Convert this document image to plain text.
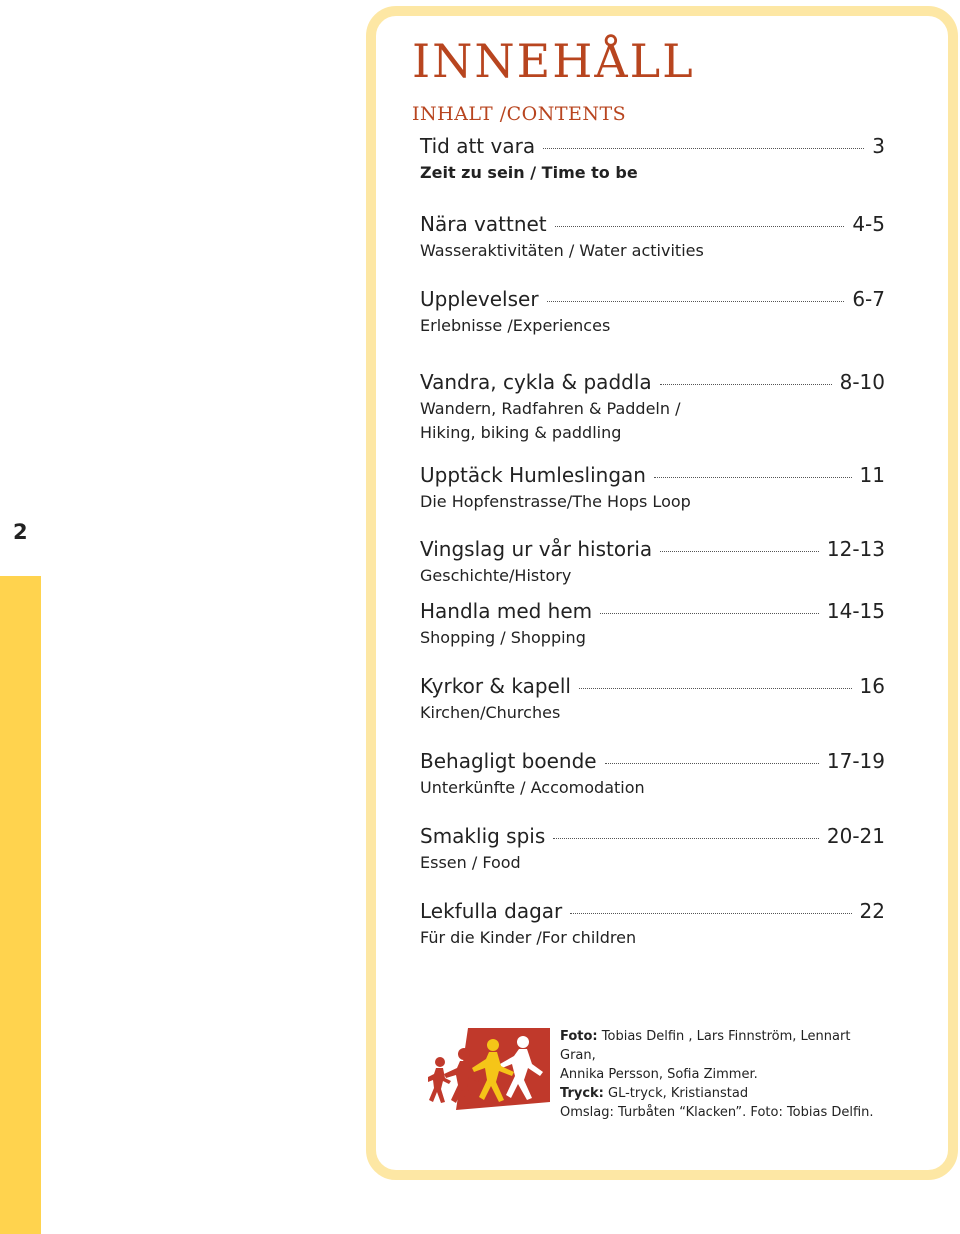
2
INNEHÅLL
INHALT /CONTENTS
Tid att vara	3
Zeit zu sein / Time to be
Nära vattnet	4-5
Wasseraktivitäten / Water activities
Upplevelser	6-7
Erlebnisse /Experiences
Vandra, cykla & paddla	8-10
Wandern, Radfahren & Paddeln /
Hiking, biking & paddling
Upptäck Humleslingan	11
Die Hopfenstrasse/The Hops Loop
Vingslag ur vår historia	12-13
Geschichte/History
Handla med hem	14-15
Shopping / Shopping
Kyrkor & kapell	16
Kirchen/Churches
Behagligt boende	17-19
Unterkünfte / Accomodation
Smaklig spis	20-21
Essen / Food
Lekfulla dagar	22
Für die Kinder /For children
Foto: Tobias Delfin , Lars Finnström, Lennart Gran,
Annika Persson, Sofia Zimmer.
Tryck: GL-tryck, Kristianstad
Omslag: Turbåten “Klacken”. Foto: Tobias Delfin.
